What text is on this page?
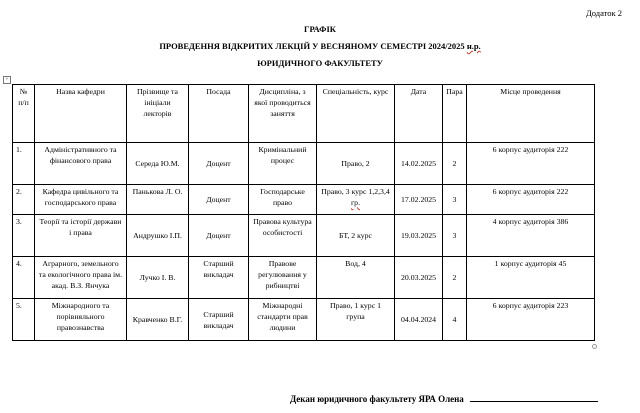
Додаток 2
ГРАФІК
ПРОВЕДЕННЯ ВІДКРИТИХ ЛЕКЦІЙ У ВЕСНЯНОМУ СЕМЕСТРІ 2024/2025 н.р.
ЮРИДИЧНОГО ФАКУЛЬТЕТУ
+
№ п/п	Назва кафедри	Прізвище та ініціали лекторів	Посада	Дисципліна, з якої проводиться заняття	Спеціальність, курс	Дата	Пара	Місце проведення
1.	Адміністративного та фінансового права	Середа Ю.М.	Доцент	Кримінальний процес	Право, 2	14.02.2025	2	6 корпус аудиторія 222
2.	Кафедра цивільного та господарського права	Панькова Л. О.	Доцент	Господарське право	Право, 3 курс 1,2,3,4 гр.	17.02.2025	3	6 корпус аудиторія 222
3.	Теорії та історії держави і права	Андрушко І.П.	Доцент	Правова культура особистості	БТ, 2 курс	19.03.2025	3	4 корпус аудиторія 386
4.	Аграрного, земельного та екологічного права ім. акад. В.З. Янчука	Лучко І. В.	Старший викладач	Правове регулювання у рибництві	Вод, 4	20.03.2025	2	1 корпус аудиторія 45
5.	Міжнародного та порівняльного правознавства	Кравченко В.Г.	Старший викладач	Міжнародні стандарти прав людини	Право, 1 курс 1 група	04.04.2024	4	6 корпус аудиторія 223
Декан юридичного факультету ЯРА Олена
